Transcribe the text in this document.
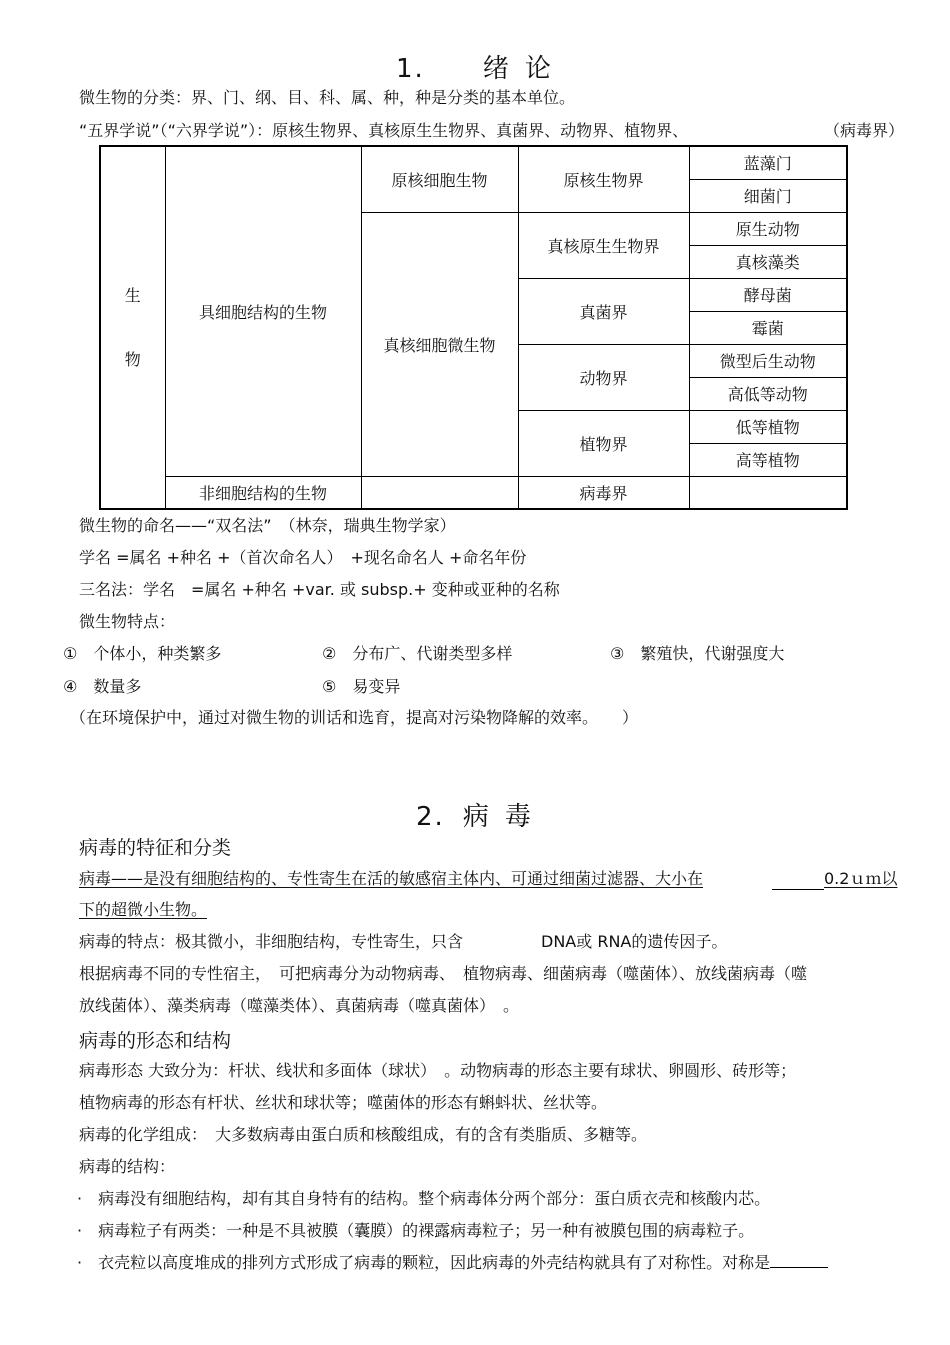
1. 绪 论
微生物的分类：界、门、纲、目、科、属、种，种是分类的基本单位。
“五界学说”（“六界学说”）：原核生物界、真核原生生物界、真菌界、动物界、植物界、	（病毒界）
生
物	具细胞结构的生物	原核细胞生物	原核生物界	蓝藻门
				细菌门
		真核细胞微生物	真核原生生物界	原生动物
				真核藻类
			真菌界	酵母菌
				霉菌
			动物界	微型后生动物
				高低等动物
			植物界	低等植物
				高等植物
	非细胞结构的生物		病毒界	
微生物的命名——“双名法”　（林奈，瑞典生物学家）
学名 =属名 +种名 +（首次命名人）　+现名命名人 +命名年份
三名法：学名　=属名 +种名 +var. 或 subsp.+ 变种或亚种的名称
微生物特点：
①　个体小，种类繁多	②　分布广、代谢类型多样	③　繁殖快，代谢强度大
④　数量多	⑤　易变异
（在环境保护中，通过对微生物的训话和选育，提高对污染物降解的效率。　　）
2. 病 毒
病毒的特征和分类
病毒——是没有细胞结构的、专性寄生在活的敏感宿主体内、可通过细菌过滤器、大小在	0.2ｕｍ以
下的超微小生物。
病毒的特点：极其微小，非细胞结构，专性寄生，只含	DNA或 RNA的遗传因子。
根据病毒不同的专性宿主，　可把病毒分为动物病毒、　植物病毒、细菌病毒（噬菌体）、放线菌病毒（噬
放线菌体）、藻类病毒（噬藻类体）、真菌病毒（噬真菌体）　。
病毒的形态和结构
病毒形态 大致分为：杆状、线状和多面体（球状）　。动物病毒的形态主要有球状、卵圆形、砖形等；
植物病毒的形态有杆状、丝状和球状等；噬菌体的形态有蝌蚪状、丝状等。
病毒的化学组成：　大多数病毒由蛋白质和核酸组成，有的含有类脂质、多糖等。
病毒的结构：
·　病毒没有细胞结构，却有其自身特有的结构。整个病毒体分两个部分：蛋白质衣壳和核酸内芯。
·　病毒粒子有两类：一种是不具被膜（囊膜）的裸露病毒粒子；另一种有被膜包围的病毒粒子。
·　衣壳粒以高度堆成的排列方式形成了病毒的颗粒，因此病毒的外壳结构就具有了对称性。对称是
